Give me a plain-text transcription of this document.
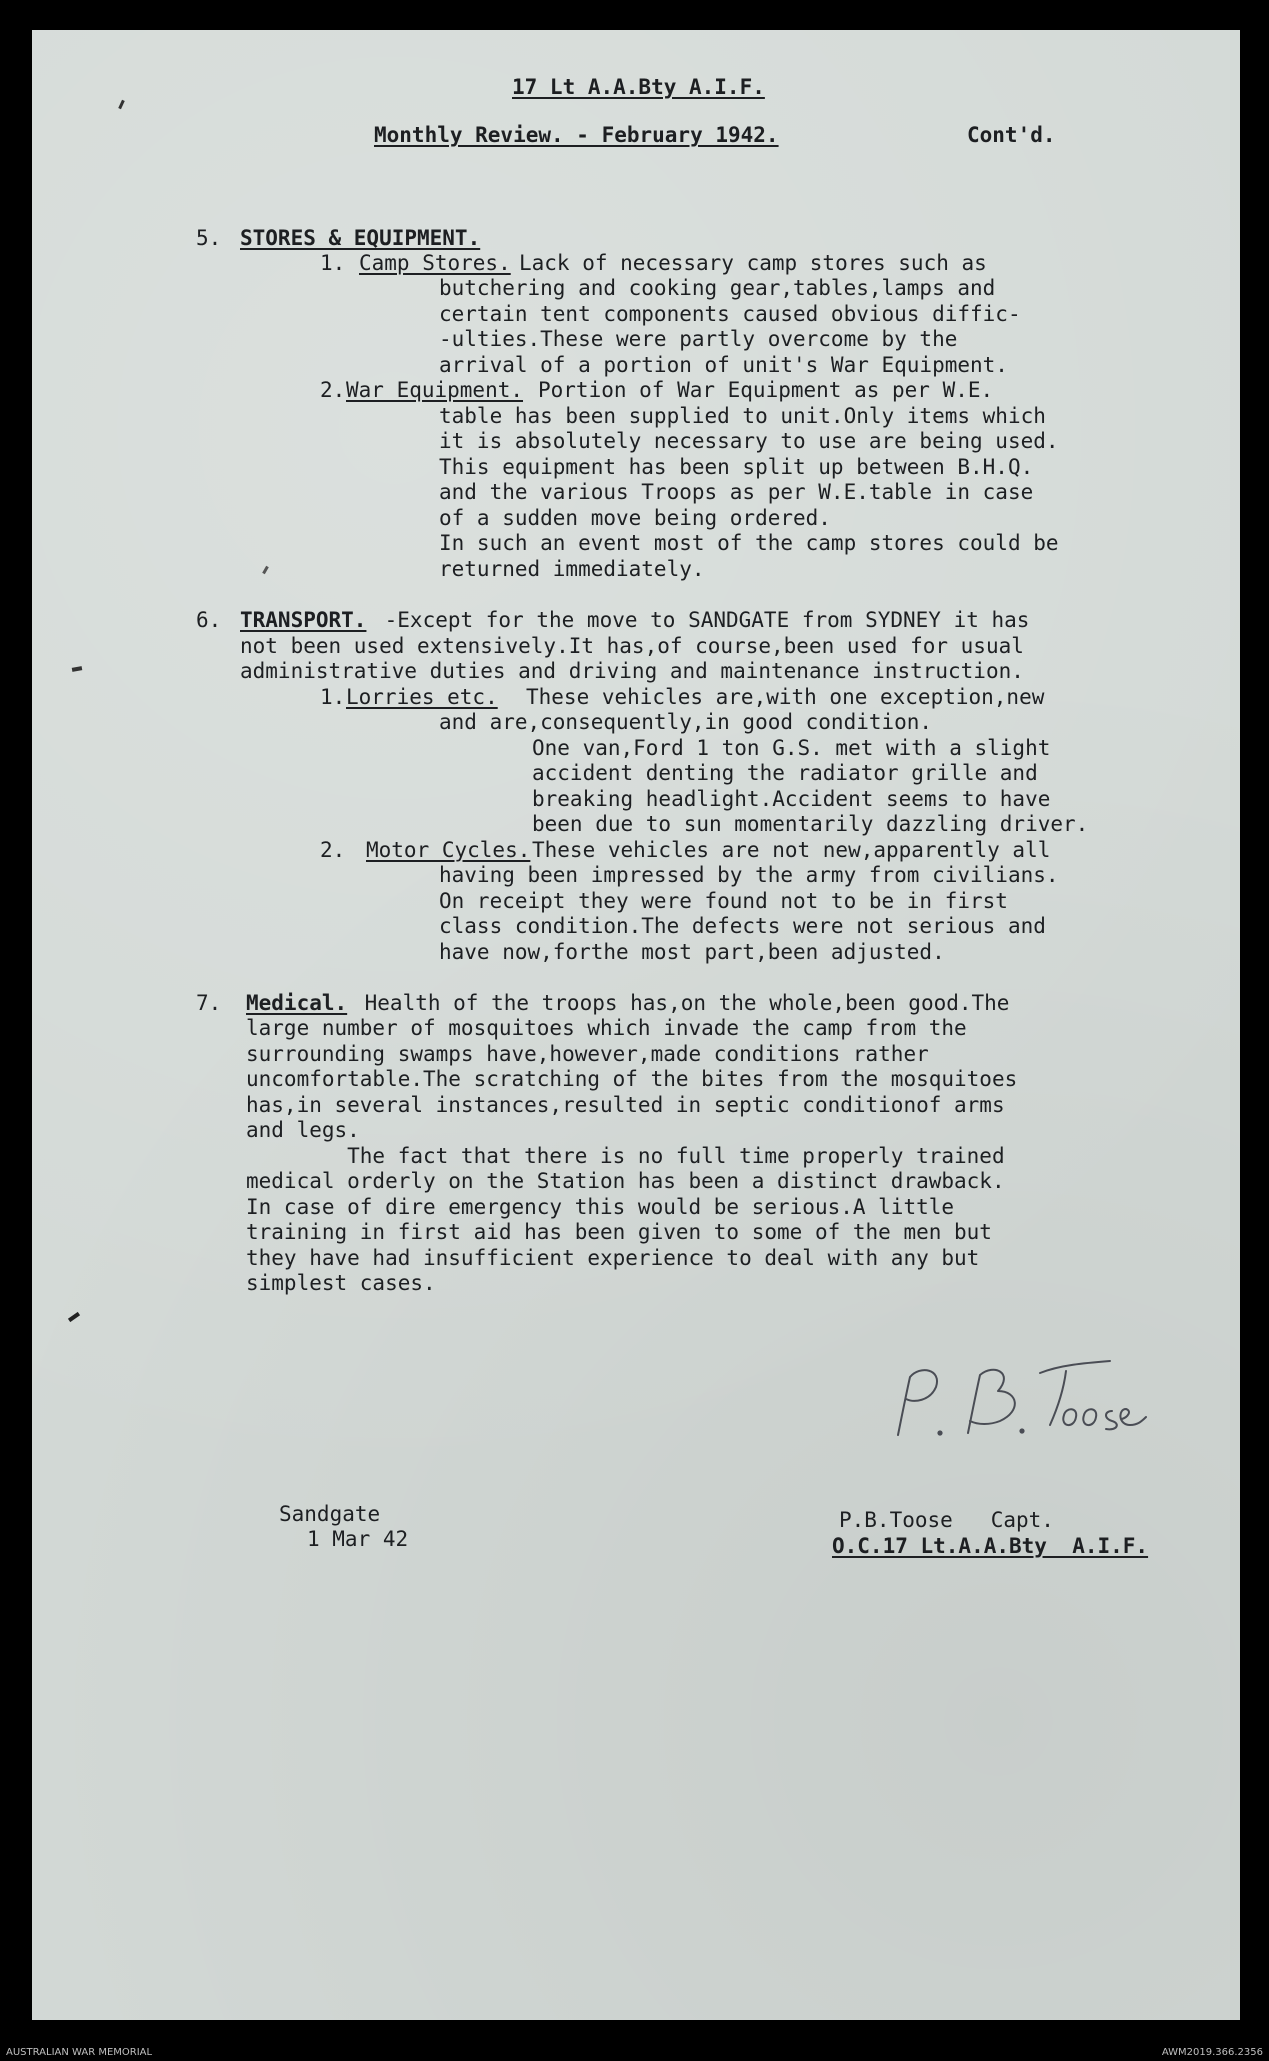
17 Lt A.A.Bty A.I.F.
Monthly Review. - February 1942.	Cont'd.
5. STORES & EQUIPMENT.
1. Camp Stores. Lack of necessary camp stores such as
butchering and cooking gear,tables,lamps and
certain tent components caused obvious diffic-
-ulties.These were partly overcome by the
arrival of a portion of unit's War Equipment.
2. War Equipment. Portion of War Equipment as per W.E.
table has been supplied to unit.Only items which
it is absolutely necessary to use are being used.
This equipment has been split up between B.H.Q.
and the various Troops as per W.E.table in case
of a sudden move being ordered.
In such an event most of the camp stores could be
returned immediately.
6. TRANSPORT. -Except for the move to SANDGATE from SYDNEY it has
not been used extensively.It has,of course,been used for usual
administrative duties and driving and maintenance instruction.
1. Lorries etc. These vehicles are,with one exception,new
and are,consequently,in good condition.
One van,Ford 1 ton G.S. met with a slight
accident denting the radiator grille and
breaking headlight.Accident seems to have
been due to sun momentarily dazzling driver.
2. Motor Cycles. These vehicles are not new,apparently all
having been impressed by the army from civilians.
On receipt they were found not to be in first
class condition.The defects were not serious and
have now,forthe most part,been adjusted.
7. Medical. Health of the troops has,on the whole,been good.The
large number of mosquitoes which invade the camp from the
surrounding swamps have,however,made conditions rather
uncomfortable.The scratching of the bites from the mosquitoes
has,in several instances,resulted in septic conditionof arms
and legs.
The fact that there is no full time properly trained
medical orderly on the Station has been a distinct drawback.
In case of dire emergency this would be serious.A little
training in first aid has been given to some of the men but
they have had insufficient experience to deal with any but
simplest cases.
Sandgate
1 Mar 42
P.B.Toose   Capt.
O.C.17 Lt.A.A.Bty  A.I.F.
AUSTRALIAN WAR MEMORIAL	AWM2019.366.2356
